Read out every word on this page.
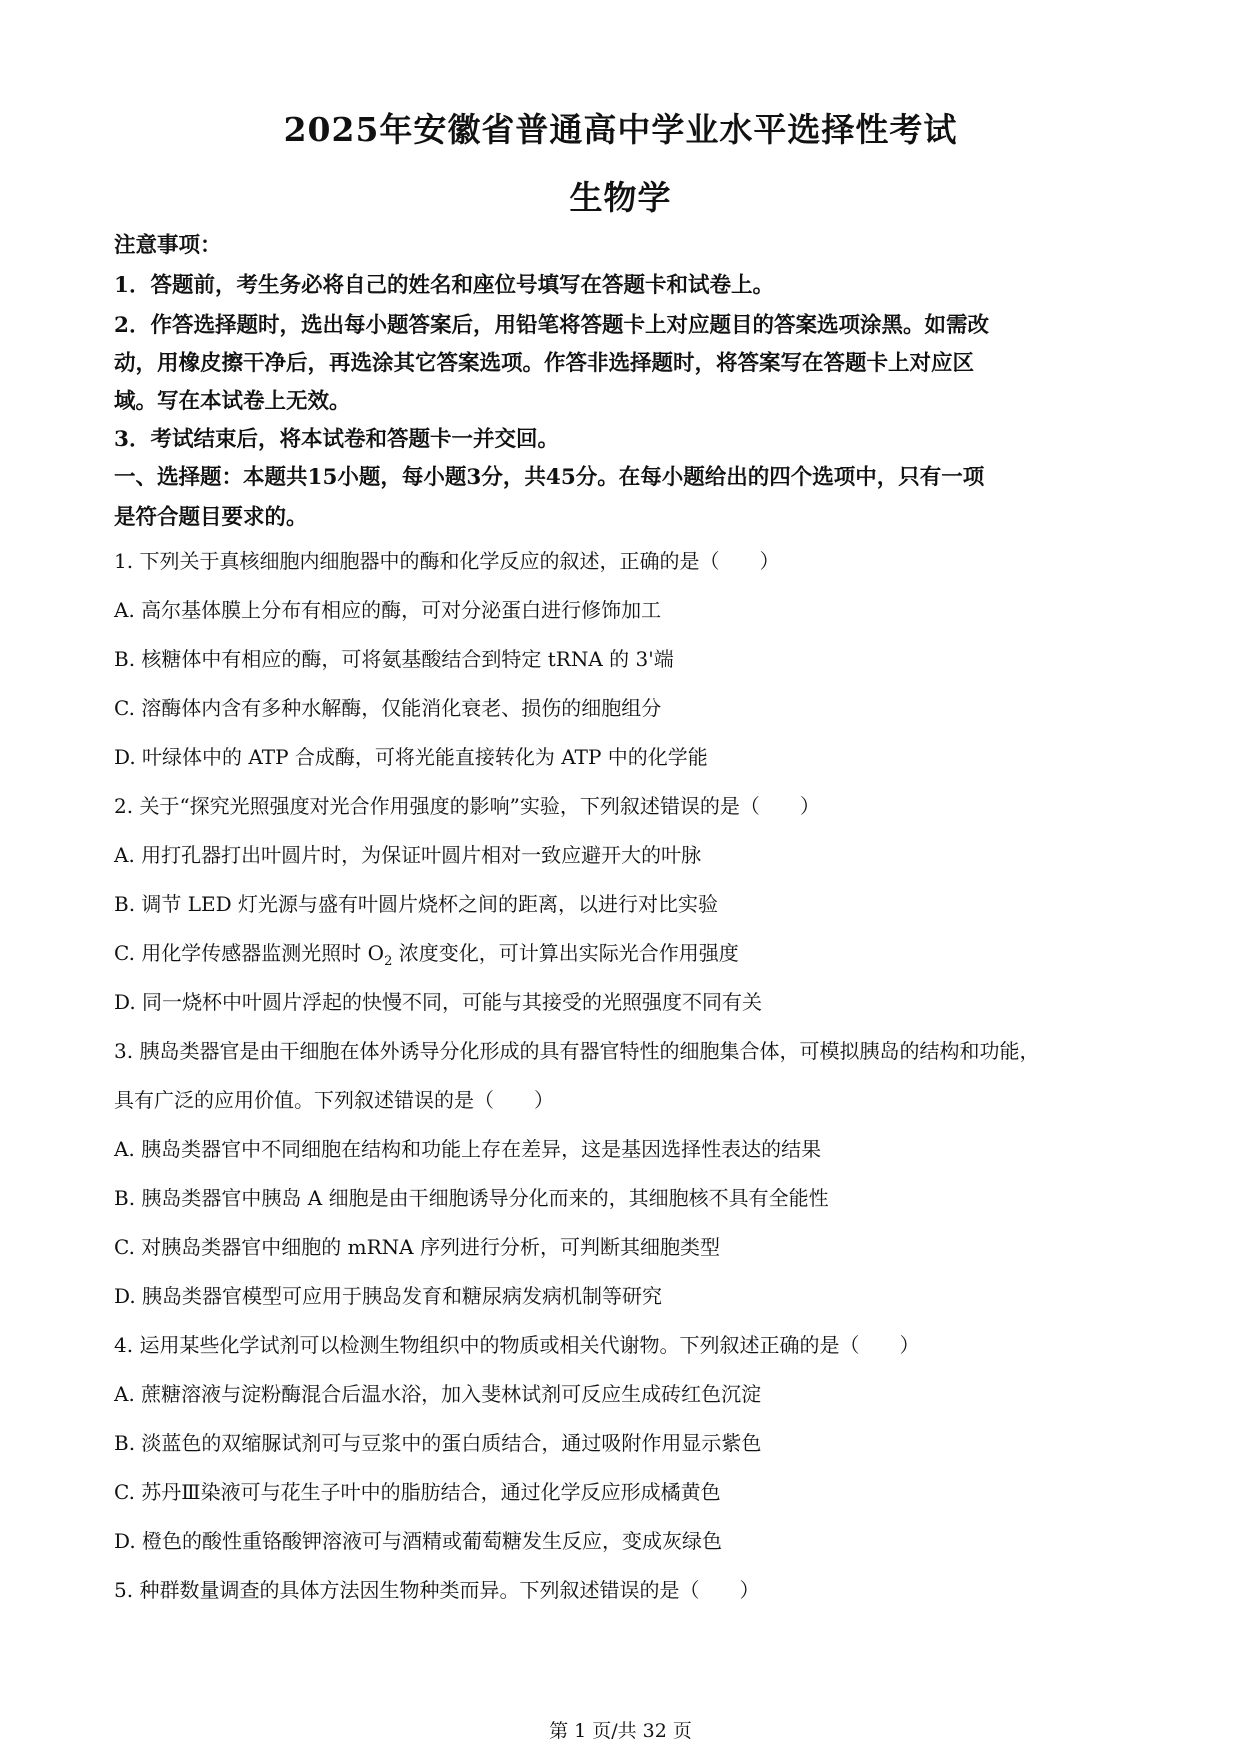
2025年安徽省普通高中学业水平选择性考试
生物学

注意事项：

1．答题前，考生务必将自己的姓名和座位号填写在答题卡和试卷上。

2．作答选择题时，选出每小题答案后，用铅笔将答题卡上对应题目的答案选项涂黑。如需改

动，用橡皮擦干净后，再选涂其它答案选项。作答非选择题时，将答案写在答题卡上对应区

域。写在本试卷上无效。

3．考试结束后，将本试卷和答题卡一并交回。

一、选择题：本题共15小题，每小题3分，共45分。在每小题给出的四个选项中，只有一项

是符合题目要求的。

1. 下列关于真核细胞内细胞器中的酶和化学反应的叙述，正确的是（　　）

A. 高尔基体膜上分布有相应的酶，可对分泌蛋白进行修饰加工

B. 核糖体中有相应的酶，可将氨基酸结合到特定 tRNA 的 3'端

C. 溶酶体内含有多种水解酶，仅能消化衰老、损伤的细胞组分

D. 叶绿体中的 ATP 合成酶，可将光能直接转化为 ATP 中的化学能

2. 关于“探究光照强度对光合作用强度的影响”实验，下列叙述错误的是（　　）

A. 用打孔器打出叶圆片时，为保证叶圆片相对一致应避开大的叶脉

B. 调节 LED 灯光源与盛有叶圆片烧杯之间的距离，以进行对比实验

C. 用化学传感器监测光照时 $O_2$ 浓度变化，可计算出实际光合作用强度

D. 同一烧杯中叶圆片浮起的快慢不同，可能与其接受的光照强度不同有关

3. 胰岛类器官是由干细胞在体外诱导分化形成的具有器官特性的细胞集合体，可模拟胰岛的结构和功能，

具有广泛的应用价值。下列叙述错误的是（　　）

A. 胰岛类器官中不同细胞在结构和功能上存在差异，这是基因选择性表达的结果

B. 胰岛类器官中胰岛 A 细胞是由干细胞诱导分化而来的，其细胞核不具有全能性

C. 对胰岛类器官中细胞的 mRNA 序列进行分析，可判断其细胞类型

D. 胰岛类器官模型可应用于胰岛发育和糖尿病发病机制等研究

4. 运用某些化学试剂可以检测生物组织中的物质或相关代谢物。下列叙述正确的是（　　）

A. 蔗糖溶液与淀粉酶混合后温水浴，加入斐林试剂可反应生成砖红色沉淀

B. 淡蓝色的双缩脲试剂可与豆浆中的蛋白质结合，通过吸附作用显示紫色

C. 苏丹Ⅲ染液可与花生子叶中的脂肪结合，通过化学反应形成橘黄色

D. 橙色的酸性重铬酸钾溶液可与酒精或葡萄糖发生反应，变成灰绿色

5. 种群数量调查的具体方法因生物种类而异。下列叙述错误的是（　　）

第 1 页/共 32 页
